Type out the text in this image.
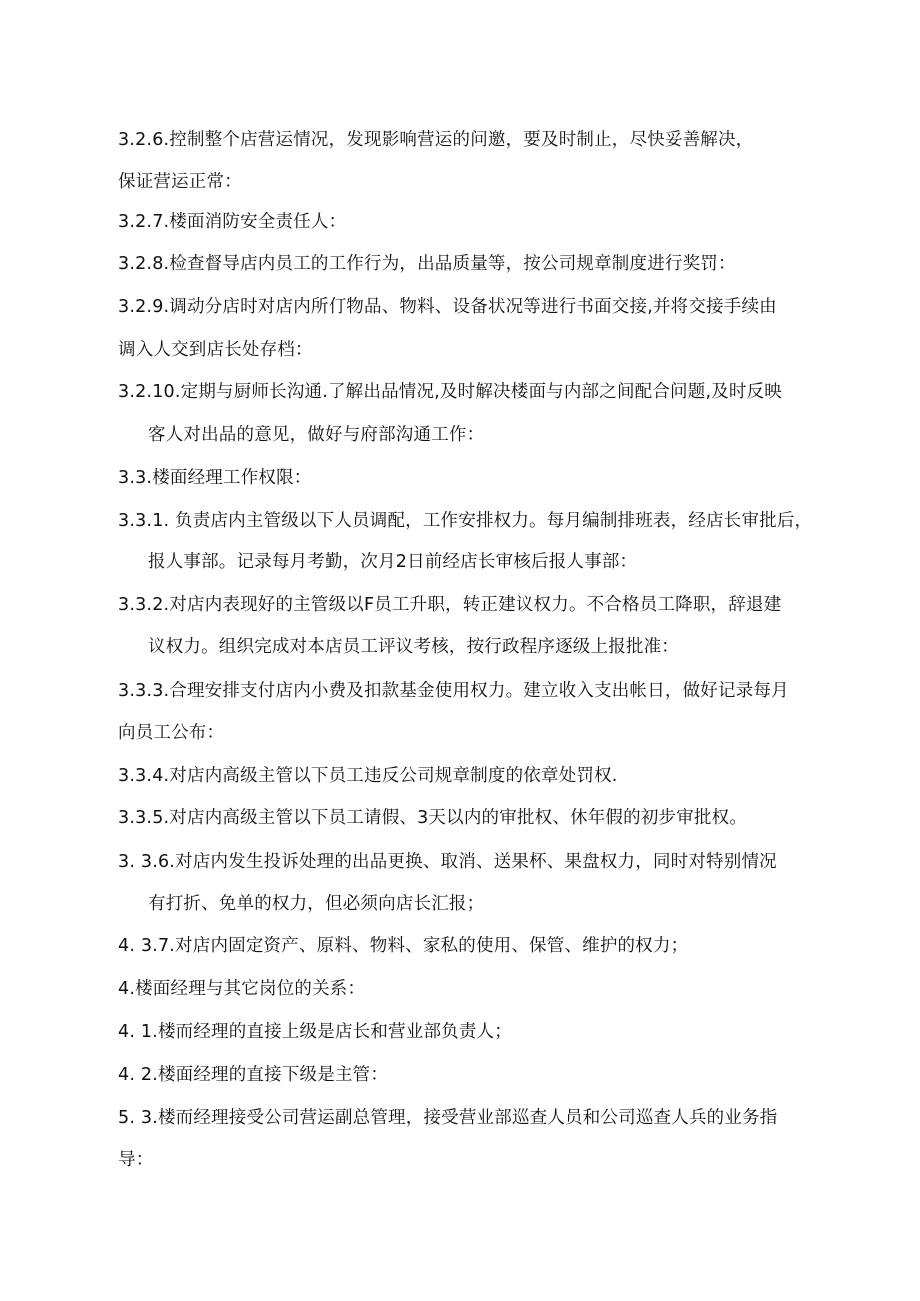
3.2.6.控制整个店营运情况，发现影响营运的问邀，要及时制止，尽快妥善解决，
保证营运正常：
3.2.7.楼面消防安全责任人：
3.2.8.检查督导店内员工的工作行为，出品质量等，按公司规章制度进行奖罚：
3.2.9.调动分店时对店内所仃物品、物料、设备状况等进行书面交接,并将交接手续由
调入人交到店长处存档：
3.2.10.定期与厨师长沟通.了解出品情况,及时解决楼面与内部之间配合问题,及时反映
客人对出品的意见，做好与府部沟通工作：
3.3.楼面经理工作权限：
3.3.1. 负责店内主管级以下人员调配，工作安排权力。每月编制排班表，经店长审批后，
报人事部。记录每月考勤，次月2日前经店长审核后报人事部：
3.3.2.对店内表现好的主管级以F员工升职，转正建议权力。不合格员工降职，辞退建
议权力。组织完成对本店员工评议考核，按行政程序逐级上报批准：
3.3.3.合理安排支付店内小费及扣款基金使用权力。建立收入支出帐日，做好记录每月
向员工公布：
3.3.4.对店内高级主管以下员工违反公司规章制度的依章处罚权.
3.3.5.对店内高级主管以下员工请假、3天以内的审批权、休年假的初步审批权。
3. 3.6.对店内发生投诉处理的出品更换、取消、送果杯、果盘权力，同时对特别情况
有打折、免单的权力，但必须向店长汇报；
4. 3.7.对店内固定资产、原料、物料、家私的使用、保管、维护的权力；
4.楼面经理与其它岗位的关系：
4. 1.楼而经理的直接上级是店长和营业部负责人；
4. 2.楼面经理的直接下级是主管：
5. 3.楼而经理接受公司营运副总管理，接受营业部巡查人员和公司巡查人兵的业务指
导：
